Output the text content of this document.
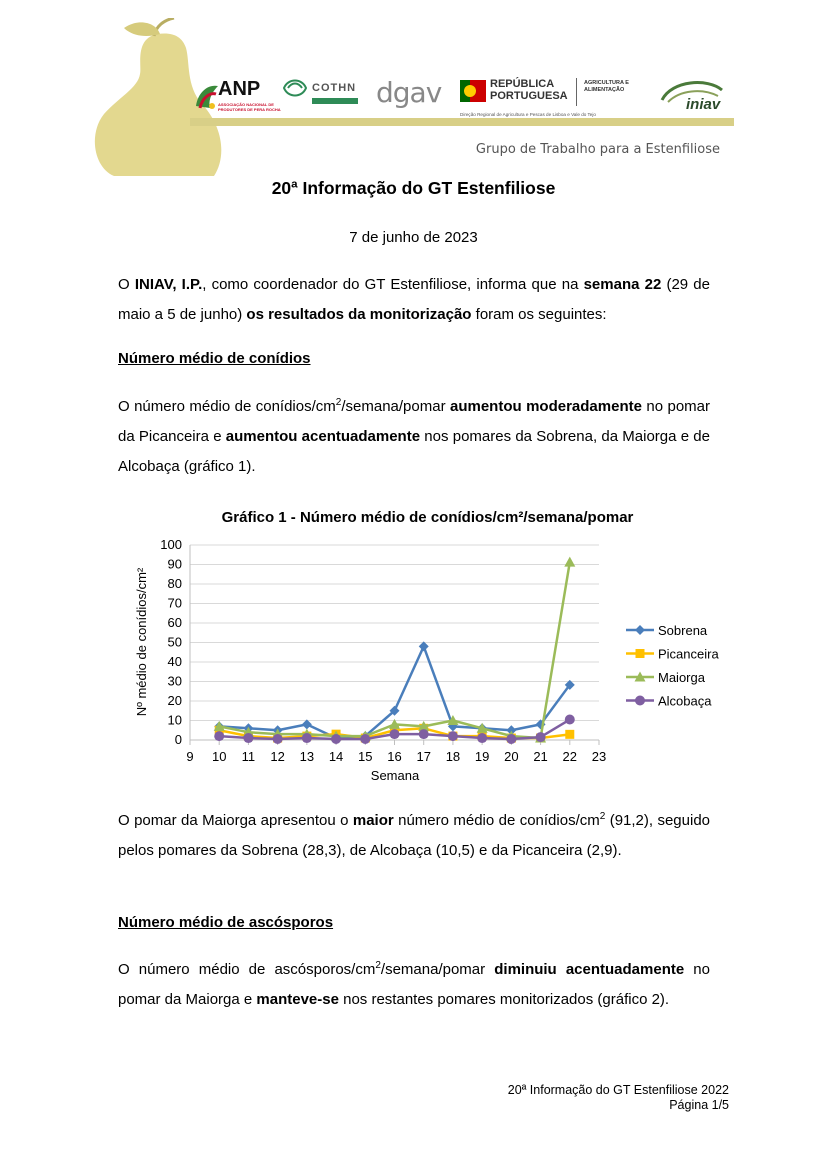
ANP
ASSOCIAÇÃO NACIONAL DE PRODUTORES DE PERA ROCHA
COTHN dgav	REPÚBLICA
PORTUGUESA
AGRICULTURA E ALIMENTAÇÃO
Direção Regional de Agricultura e Pescas de Lisboa e Vale do Tejo
iniav
Grupo de Trabalho para a Estenfiliose
20ª Informação do GT Estenfiliose
7 de junho de 2023
O INIAV, I.P., como coordenador do GT Estenfiliose, informa que na semana 22 (29 de maio a 5 de junho) os resultados da monitorização foram os seguintes:
Número médio de conídios
O número médio de conídios/$cm^2/semana$/pomar aumentou moderadamente no pomar da Picanceira e aumentou acentuadamente nos pomares da Sobrena, da Maiorga e de Alcobaça (gráfico 1).
Gráfico 1 - Número médio de conídios/cm²/semana/pomar
0
10
20
30
40
50
60
70
80
90
100
9 10 11 12 13 14 15 16 17 18 19 20 21 22 23
Sobrena
Picanceira
Maiorga
Alcobaça
Nº médio de conídios/cm²
Semana
O pomar da Maiorga apresentou o maior número médio de conídios/$cm^2$ (91,2), seguido pelos pomares da Sobrena (28,3), de Alcobaça (10,5) e da Picanceira (2,9).
Número médio de ascósporos
O número médio de ascósporos/$cm^2/semana$/pomar diminuiu acentuadamente no pomar da Maiorga e manteve-se nos restantes pomares monitorizados (gráfico 2).
20ª Informação do GT Estenfiliose 2022
Página 1/5
